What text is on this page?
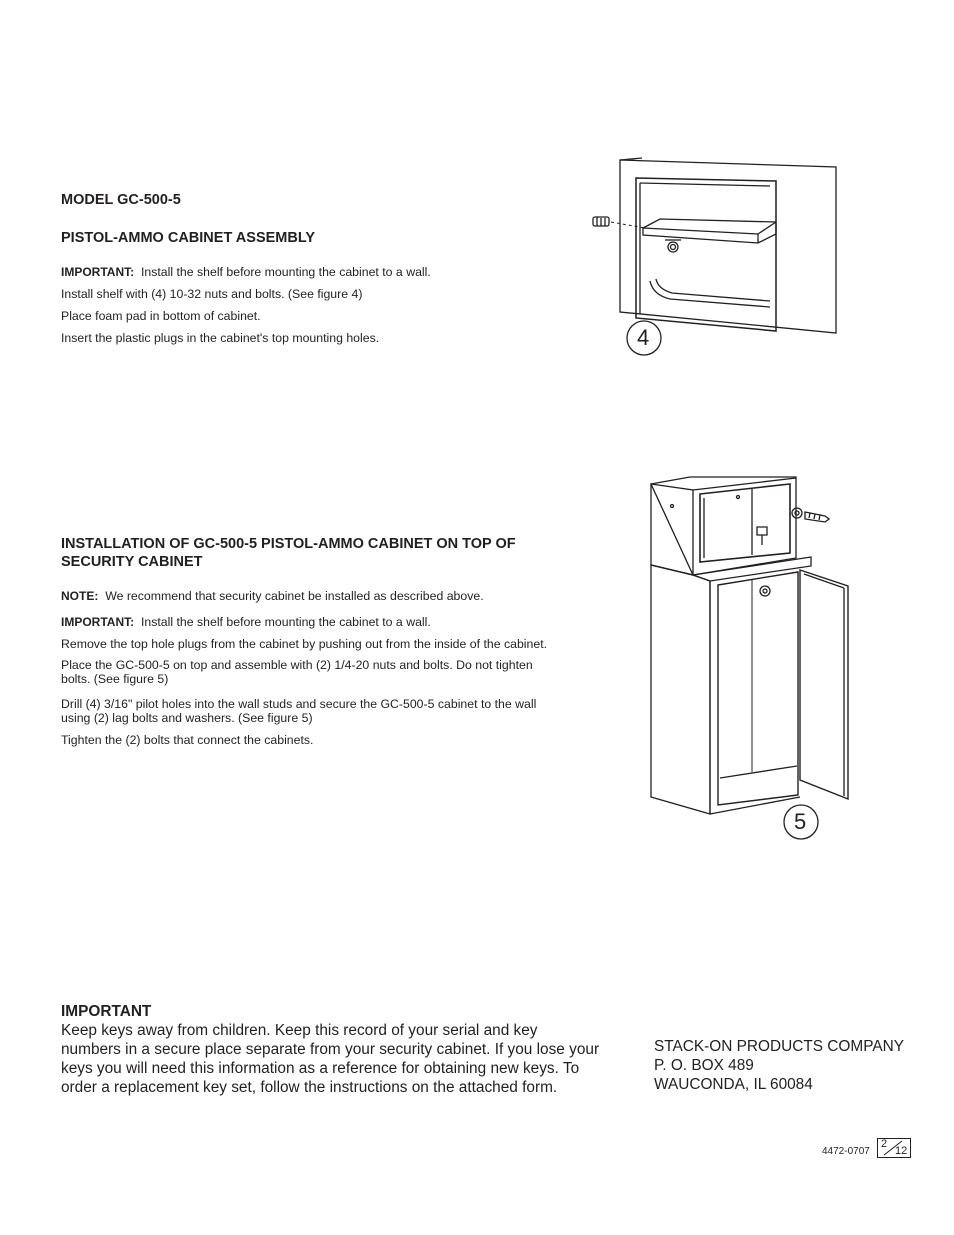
MODEL GC-500-5
PISTOL-AMMO CABINET ASSEMBLY
IMPORTANT: Install the shelf before mounting the cabinet to a wall.
Install shelf with (4) 10-32 nuts and bolts. (See figure 4)
Place foam pad in bottom of cabinet.
Insert the plastic plugs in the cabinet's top mounting holes.	4
INSTALLATION OF GC-500-5 PISTOL-AMMO CABINET ON TOP OF
SECURITY CABINET
NOTE: We recommend that security cabinet be installed as described above.
IMPORTANT: Install the shelf before mounting the cabinet to a wall.
Remove the top hole plugs from the cabinet by pushing out from the inside of the cabinet.
Place the GC-500-5 on top and assemble with (2) 1/4-20 nuts and bolts. Do not tighten
bolts. (See figure 5)
Drill (4) 3/16" pilot holes into the wall studs and secure the GC-500-5 cabinet to the wall
using (2) lag bolts and washers. (See figure 5)
Tighten the (2) bolts that connect the cabinets.
5
IMPORTANT
Keep keys away from children. Keep this record of your serial and key
numbers in a secure place separate from your security cabinet. If you lose your
keys you will need this information as a reference for obtaining new keys. To
order a replacement key set, follow the instructions on the attached form.
STACK-ON PRODUCTS COMPANY
P. O. BOX 489
WAUCONDA, IL 60084
4472-0707
2
12
